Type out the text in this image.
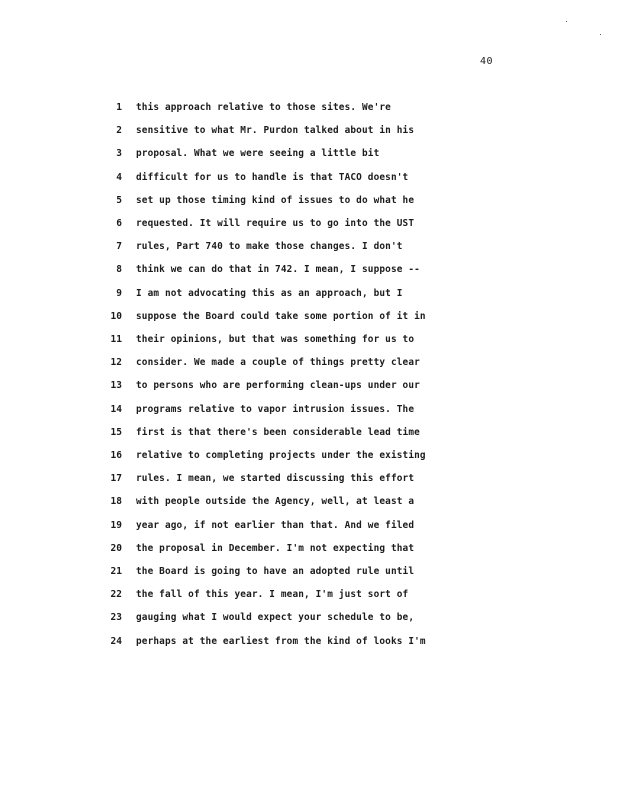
40
1 this approach relative to those sites. We're
2 sensitive to what Mr. Purdon talked about in his
3 proposal. What we were seeing a little bit
4 difficult for us to handle is that TACO doesn't
5 set up those timing kind of issues to do what he
6 requested. It will require us to go into the UST
7 rules, Part 740 to make those changes. I don't
8 think we can do that in 742. I mean, I suppose --
9 I am not advocating this as an approach, but I
10 suppose the Board could take some portion of it in
11 their opinions, but that was something for us to
12 consider. We made a couple of things pretty clear
13 to persons who are performing clean-ups under our
14 programs relative to vapor intrusion issues. The
15 first is that there's been considerable lead time
16 relative to completing projects under the existing
17 rules. I mean, we started discussing this effort
18 with people outside the Agency, well, at least a
19 year ago, if not earlier than that. And we filed
20 the proposal in December. I'm not expecting that
21 the Board is going to have an adopted rule until
22 the fall of this year. I mean, I'm just sort of
23 gauging what I would expect your schedule to be,
24 perhaps at the earliest from the kind of looks I'm
